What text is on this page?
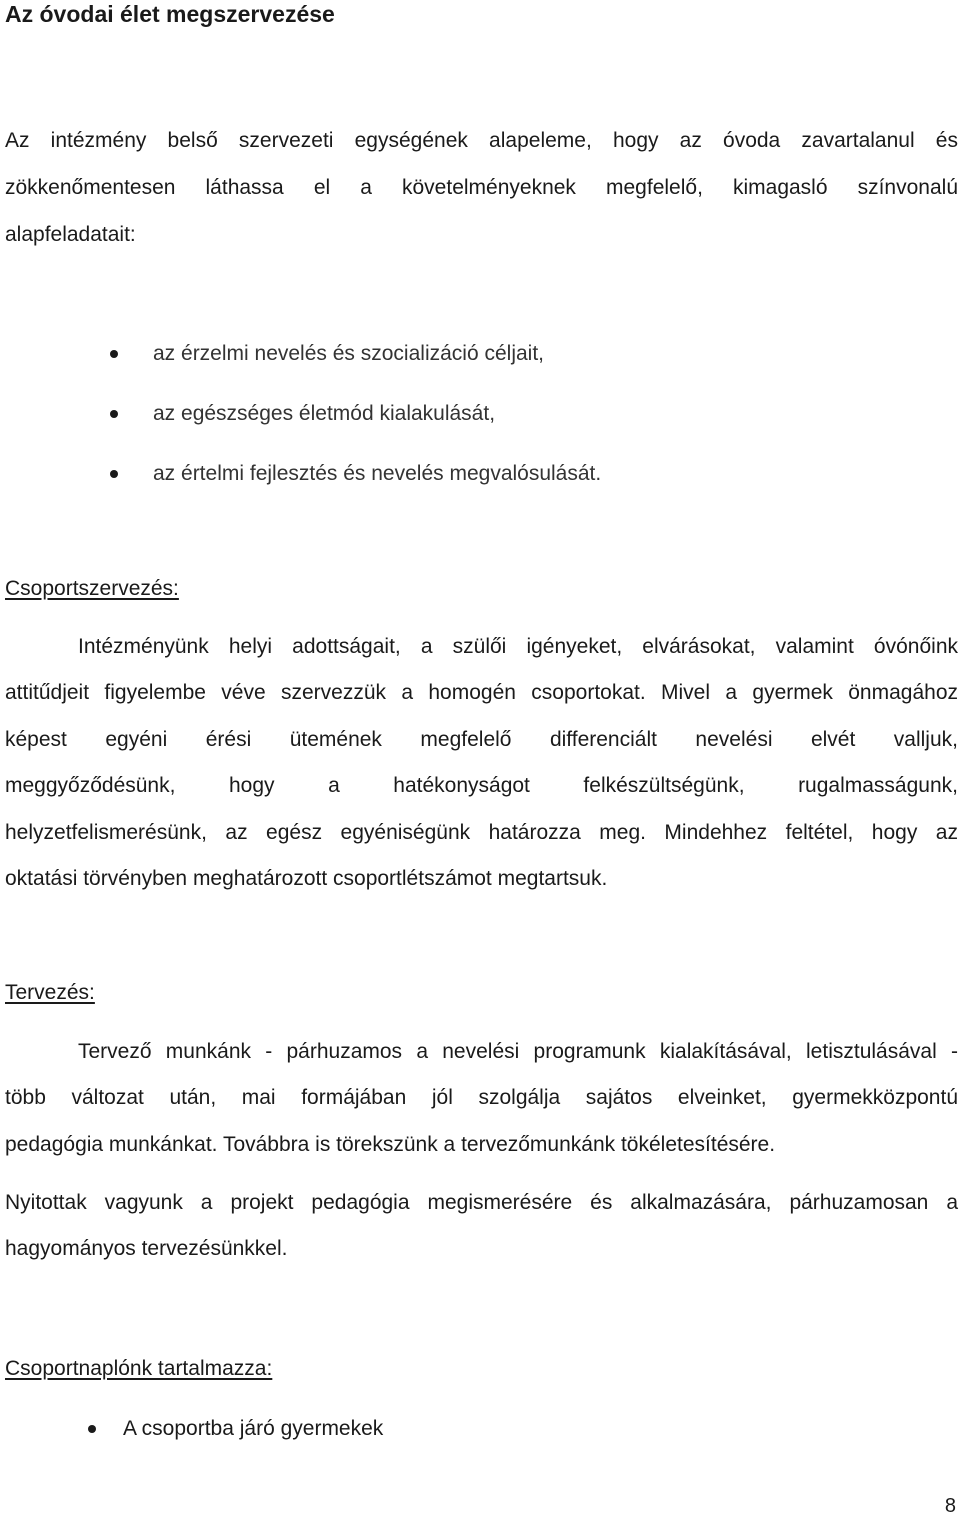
Az óvodai élet megszervezése
Az intézmény belső szervezeti egységének alapeleme, hogy az óvoda zavartalanul és
zökkenőmentesen láthassa el a követelményeknek megfelelő, kimagasló színvonalú
alapfeladatait:
az érzelmi nevelés és szocializáció céljait,
az egészséges életmód kialakulását,
az értelmi fejlesztés és nevelés megvalósulását.
Csoportszervezés:
Intézményünk helyi adottságait, a szülői igényeket, elvárásokat, valamint óvónőink
attitűdjeit figyelembe véve szervezzük a homogén csoportokat. Mivel a gyermek önmagához
képest egyéni érési ütemének megfelelő differenciált nevelési elvét valljuk,
meggyőződésünk, hogy a hatékonyságot felkészültségünk, rugalmasságunk,
helyzetfelismerésünk, az egész egyéniségünk határozza meg. Mindehhez feltétel, hogy az
oktatási törvényben meghatározott csoportlétszámot megtartsuk.
Tervezés:
Tervező munkánk - párhuzamos a nevelési programunk kialakításával, letisztulásával -
több változat után, mai formájában jól szolgálja sajátos elveinket, gyermekközpontú
pedagógia munkánkat. Továbbra is törekszünk a tervezőmunkánk tökéletesítésére.
Nyitottak vagyunk a projekt pedagógia megismerésére és alkalmazására, párhuzamosan a
hagyományos tervezésünkkel.
Csoportnaplónk tartalmazza:
A csoportba járó gyermekek
8
